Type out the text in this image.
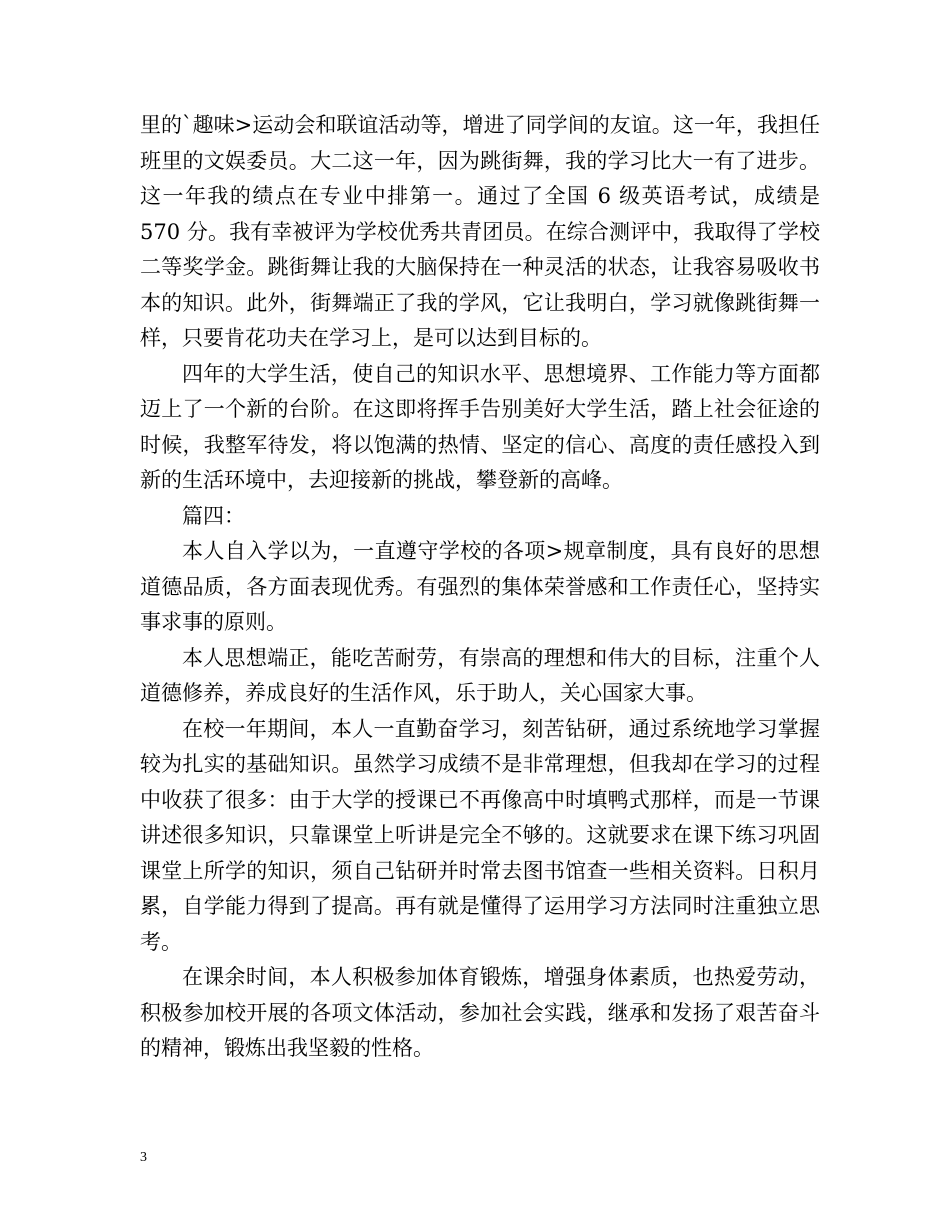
里的`趣味>运动会和联谊活动等，增进了同学间的友谊。这一年，我担任班里的文娱委员。大二这一年，因为跳街舞，我的学习比大一有了进步。这一年我的绩点在专业中排第一。通过了全国 6 级英语考试，成绩是 570 分。我有幸被评为学校优秀共青团员。在综合测评中，我取得了学校二等奖学金。跳街舞让我的大脑保持在一种灵活的状态，让我容易吸收书本的知识。此外，街舞端正了我的学风，它让我明白，学习就像跳街舞一样，只要肯花功夫在学习上，是可以达到目标的。

四年的大学生活，使自己的知识水平、思想境界、工作能力等方面都迈上了一个新的台阶。在这即将挥手告别美好大学生活，踏上社会征途的时候，我整军待发，将以饱满的热情、坚定的信心、高度的责任感投入到新的生活环境中，去迎接新的挑战，攀登新的高峰。

篇四：

本人自入学以为，一直遵守学校的各项>规章制度，具有良好的思想道德品质，各方面表现优秀。有强烈的集体荣誉感和工作责任心，坚持实事求事的原则。

本人思想端正，能吃苦耐劳，有崇高的理想和伟大的目标，注重个人道德修养，养成良好的生活作风，乐于助人，关心国家大事。

在校一年期间，本人一直勤奋学习，刻苦钻研，通过系统地学习掌握较为扎实的基础知识。虽然学习成绩不是非常理想，但我却在学习的过程中收获了很多：由于大学的授课已不再像高中时填鸭式那样，而是一节课讲述很多知识，只靠课堂上听讲是完全不够的。这就要求在课下练习巩固课堂上所学的知识，须自己钻研并时常去图书馆查一些相关资料。日积月累，自学能力得到了提高。再有就是懂得了运用学习方法同时注重独立思考。

在课余时间，本人积极参加体育锻炼，增强身体素质，也热爱劳动，积极参加校开展的各项文体活动，参加社会实践，继承和发扬了艰苦奋斗的精神，锻炼出我坚毅的性格。

3
